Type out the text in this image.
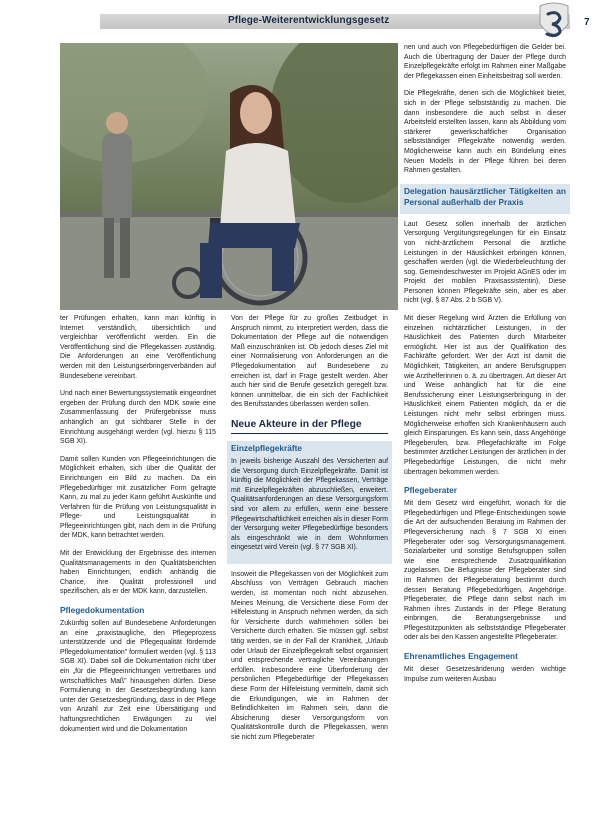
Pflege-Weiterentwicklungsgesetz	7

ter Prüfungen erhalten, kann man künftig in Internet verständlich, übersichtlich und vergleichbar veröffentlicht werden. Ein die Veröffentlichung sind die Pflegekassen zuständig. Die Anforderungen an eine Veröffentlichung werden mit den Leistungserbringerverbänden auf Bundesebene vereinbart.

Und nach einer Bewertungssystematik eingeordnet ergeben der Prüfung durch den MDK sowie eine Zusammenfassung der Prüfergebnisse muss anhänglich an gut sichtbarer Stelle in der Einrichtung ausgehängt werden (vgl. hierzu § 115 SGB XI).

Damit sollen Kunden von Pflegeeinrichtungen die Möglichkeit erhalten, sich über die Qualität der Einrichtungen ein Bild zu machen. Da ein Pflegebedürftiger mit zusätzlicher Form gefragte Kann, zu mal zu jeder Kann geführt Auskünfte und Verfahren für die Prüfung von Leistungsqualität in Pflege- und Leistungsqualität in Pflegeeinrichtungen gibt, nach dem in die Prüfung der MDK, kann betrachtet werden.

Mit der Entwicklung der Ergebnisse des internen Qualitätsmanagements in den Qualitätsberichten haben Einrichtungen, endlich anhändig die Chance, ihre Qualität professionell und spezifischen, als er der MDK kann, darzustellen.

Pflegedokumentation

Zukünftig sollen auf Bundesebene Anforderungen an eine „praxistaugliche, den Pflegeprozess unterstützende und die Pflegequalität fördernde Pflegedokumentation" formuliert werden (vgl. § 113 SGB XI). Dabei soll die Dokumentation nicht über ein „für die Pflegeeinrichtungen vertretbares und wirtschaftliches Maß" hinausgehen dürfen. Diese Formulierung in der Gesetzesbegründung kann unter der Gesetzesbegründung, dass in der Pflege von Anzahl zur Zeit eine Übersättigung und haftungsrechtlichen Erwägungen zu viel dokumentiert wird und die Dokumentation

Von der Pflege für zu großes Zeitbudget in Anspruch nimmt, zu interpretiert werden, dass die Dokumentation der Pflege auf die notwendigen Maß einzuschränken ist. Ob jedoch dieses Ziel mit einer Normalisierung von Anforderungen an die Pflegedokumentation auf Bundesebene zu erreichen ist, darf in Frage gestellt werden. Aber auch hier sind die Berufe gesetzlich geregelt bzw. können unmittelbar, die ein sich der Fachlichkeit des Berufsstandes überlassen werden sollen.

Neue Akteure in der Pflege
Einzelpflegekräfte

In jeweils bisherige Auszahl des Versicherten auf die Versorgung durch Einzelpflegekräfte. Damit ist künftig die Möglichkeit der Pflegekassen, Verträge mit Einzelpflegekräften abzuschließen, erweitert. Qualitätsanforderungen an diese Versorgungsform sind vor allem zu erfüllen, wenn eine bessere Pflegewirtschaftlichkeit erreichen als in dieser Form der Versorgung weiter Pflegebedürftige besonders als eingeschränkt wie in dem Wohnformen eingesetzt wird Verein (vgl. § 77 SGB XI).

Insoweit die Pflegekassen von der Möglichkeit zum Abschluss von Verträgen Gebrauch machen werden, ist momentan noch nicht abzusehen. Meines Meinung, die Versicherte diese Form der Hilfeleistung in Anspruch nehmen werden, da sich für Versicherte durch wahrnehmen sollen bei Versicherte durch erhalten. Sie müssen ggf. selbst tätig werden, sie in der Fall der Krankheit, „Urlaub oder Urlaub der Einzelpflegekraft selbst organisiert und entsprechende vertragliche Vereinbarungen erfüllen. Insbesondere eine Überforderung der persönlichen Pflegebedürftige der Pflegekassen diese Form der Hilfeleistung vermitteln, damit sich die Erkundigungen, wie im Rahmen der Befindlichkeiten im Rahmen sein, dann die Absicherung dieser Versorgungsform von Qualitätskontrolle durch die Pflegekassen, wenn sie nicht zum Pflegeberater

nen und auch von Pflegebedürftigen die Gelder bei. Auch die Übertragung der Dauer der Pflege durch Einzelpflegekräfte erfolgt im Rahmen einer Maßgabe der Pflegekassen einen Einheitsbeitrag soll werden.

Die Pflegekräfte, denen sich die Möglichkeit bietet, sich in der Pflege selbstständig zu machen. Die dann insbesondere die auch selbst in dieser Arbeitsfeld erstellten lassen, kann als Abbildung vom stärkerer gewerkschaftlicher Organisation selbstständiger Pflegekräfte notwendig werden. Möglicherweise kann auch ein Bündelung eines Neuen Modells in der Pflege führen bei deren Rahmen gestalten.

Delegation hausärztlicher Tätigkeiten an Personal außerhalb der Praxis

Laut Gesetz sollen innerhalb der ärztlichen Versorgung Vergütungsregelungen für ein Einsatz von nicht-ärztlichem Personal die ärztliche Leistungen in der Häuslichkeit erbringen können, geschaffen werden (vgl. die Wiederbeleuchtung der sog. Gemeindeschwester im Projekt AGnES oder im Projekt der mobilen Praxisassistentin), Diese Personen können Pflegekräfte sein, aber es aber nicht (vgl. § 87 Abs. 2 b SGB V).

Mit dieser Regelung wird Ärzten die Erfüllung von einzelnen nichtärztlicher Leistungen, in der Häuslichkeit des Patienten durch Mitarbeiter ermöglicht. Hier ist aus der Qualifikation des Fachkräfte gefordert. Wer der Arzt ist damit die Möglichkeit, Tätigkeiten, an andere Berufsgruppen wie Arzthelferinnen o. ä. zu übertragen. Art dieser Art und Weise anhänglich hat für die eine Berufssicherung einer Leistungserbringung in der Häuslichkeit einem Patienten möglich, da er die Leistungen nicht mehr selbst erbringen muss. Möglicherweise erhoffen sich Krankenhäusern auch gleich Einsparungen. Es kann sein, dass Angehörige Pflegeberufen, bzw. Pflegefachkräfte im Folge bestimmter ärztlicher Leistungen der ärztlichen in der Pflegebedürftige Leistungen, die nicht mehr übertragen bekommen werden.

Pflegeberater

Mit dem Gesetz wird eingeführt, wonach für die Pflegebedürftigen und Pflege-Entscheidungen sowie die Art der aufsuchenden Beratung im Rahmen der Pflegeversicherung nach § 7 SGB XI einen Pflegeberater oder sog. Versorgungsmanagement. Sozialarbeiter und sonstige Berufsgruppen sollen wie eine entsprechende Zusatzqualifikation zugelassen. Die Befugnisse der Pflegeberater sind im Rahmen der Pflegeberatung bestimmt durch dessen Beratung Pflegebedürftigen, Angehörige. Pflegeberater, die Pflege dann selbst nach im Rahmen ihres Zustands in der Pflege Beratung einbringen, die Beratungsergebnisse und Pflegestützpunkten als selbstständige Pflegeberater oder als bei den Kassen angestellte Pflegeberater.

Ehrenamtliches Engagement

Mit dieser Gesetzesänderung werden wichtige Impulse zum weiteren Ausbau
